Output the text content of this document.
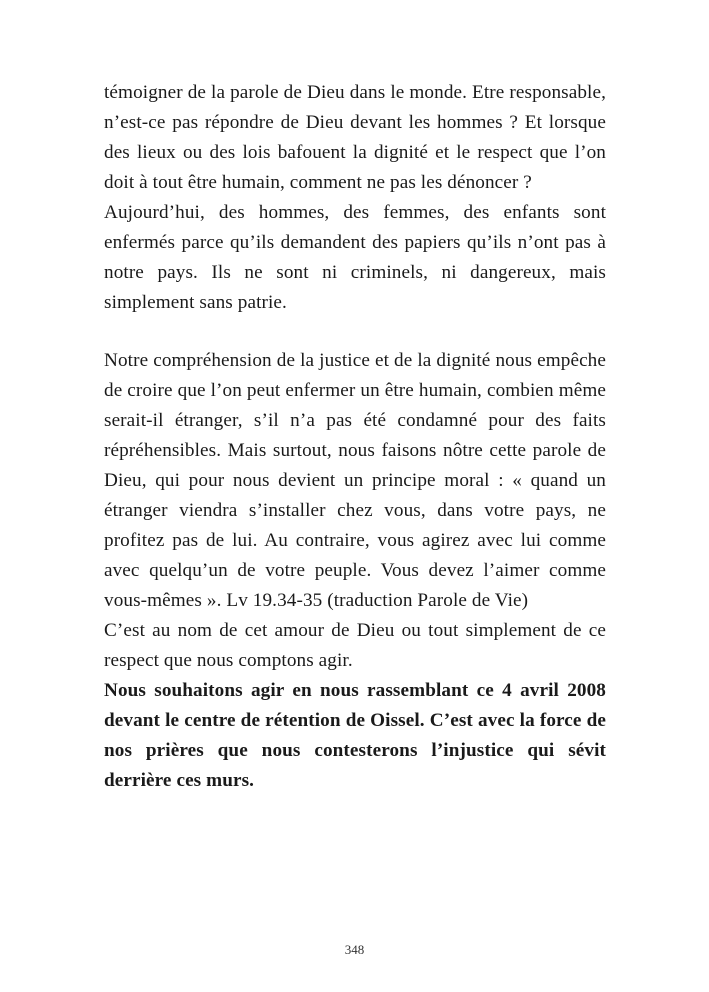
témoigner de la parole de Dieu dans le monde. Etre responsable, n’est-ce pas répondre de Dieu devant les hommes ? Et lorsque des lieux ou des lois bafouent la dignité et le respect que l’on doit à tout être humain, comment ne pas les dénoncer ?

Aujourd’hui, des hommes, des femmes, des enfants sont enfermés parce qu’ils demandent des papiers qu’ils n’ont pas à notre pays. Ils ne sont ni criminels, ni dangereux, mais simplement sans patrie.

Notre compréhension de la justice et de la dignité nous empêche de croire que l’on peut enfermer un être humain, combien même serait-il étranger, s’il n’a pas été condamné pour des faits répréhensibles. Mais surtout, nous faisons nôtre cette parole de Dieu, qui pour nous devient un principe moral : « quand un étranger viendra s’installer chez vous, dans votre pays, ne profitez pas de lui. Au contraire, vous agirez avec lui comme avec quelqu’un de votre peuple. Vous devez l’aimer comme vous-mêmes ». Lv 19.34-35 (traduction Parole de Vie)

C’est au nom de cet amour de Dieu ou tout simplement de ce respect que nous comptons agir.

Nous souhaitons agir en nous rassemblant ce 4 avril 2008 devant le centre de rétention de Oissel. C’est avec la force de nos prières que nous contesterons l’injustice qui sévit derrière ces murs.

348
